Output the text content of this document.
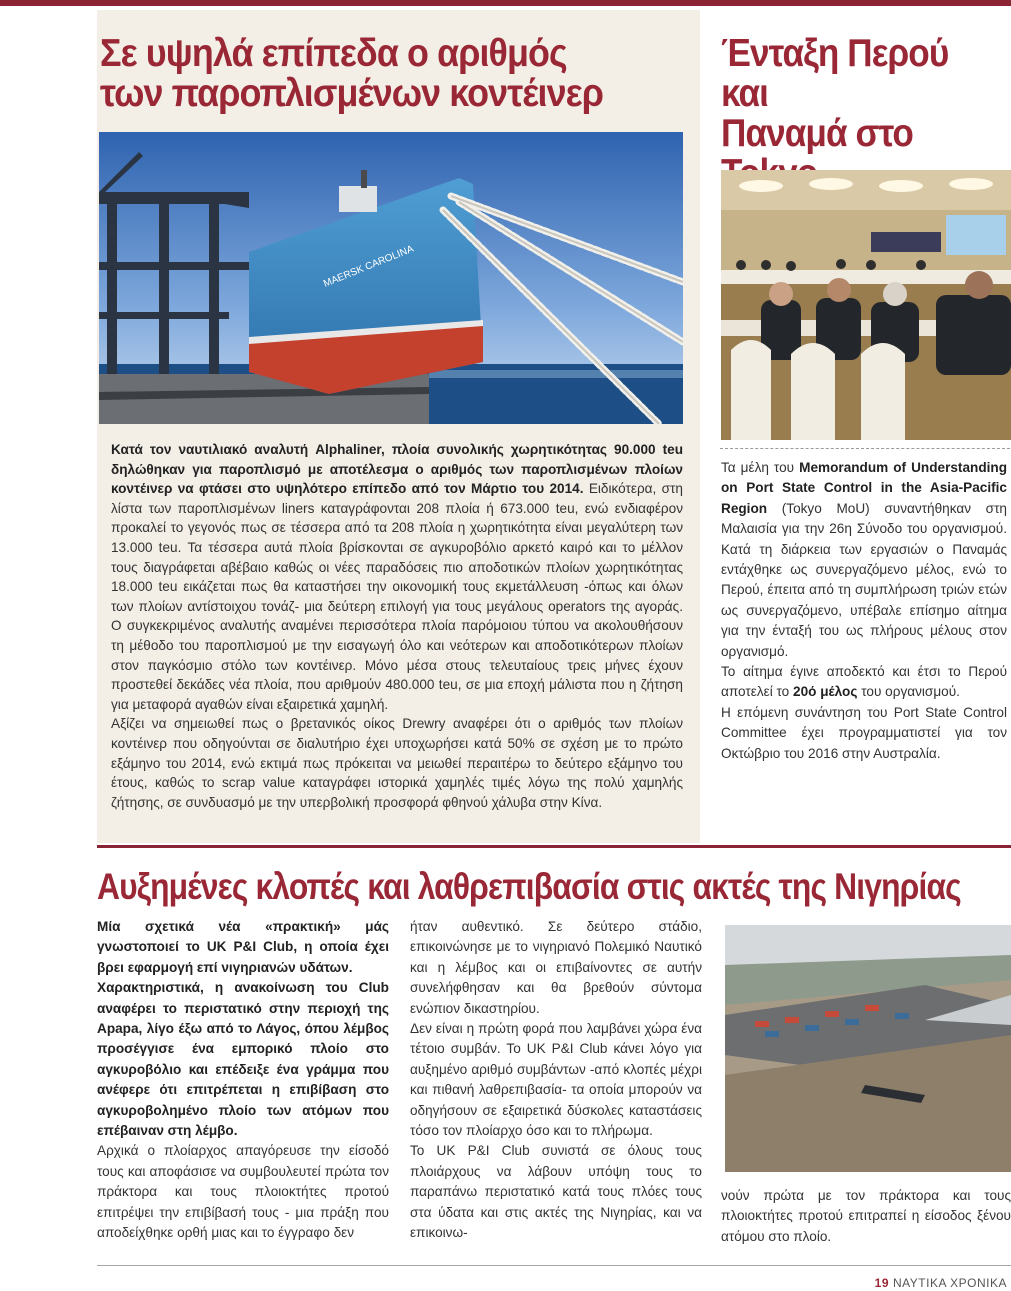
Σε υψηλά επίπεδα ο αριθμός
των παροπλισμένων κοντέινερ
MAERSK CAROLINA

Κατά τον ναυτιλιακό αναλυτή Alphaliner, πλοία συνολικής χωρητικότητας 90.000 teu δηλώθηκαν για παροπλισμό με αποτέλεσμα ο αριθμός των παροπλισμένων πλοίων κοντέινερ να φτάσει στο υψηλότερο επίπεδο από τον Μάρτιο του 2014. Ειδικότερα, στη λίστα των παροπλισμένων liners καταγράφονται 208 πλοία ή 673.000 teu, ενώ ενδιαφέρον προκαλεί το γεγονός πως σε τέσσερα από τα 208 πλοία η χωρητικότητα είναι μεγαλύτερη των 13.000 teu. Τα τέσσερα αυτά πλοία βρίσκονται σε αγκυροβόλιο αρκετό καιρό και το μέλλον τους διαγράφεται αβέβαιο καθώς οι νέες παραδόσεις πιο αποδοτικών πλοίων χωρητικότητας 18.000 teu εικάζεται πως θα καταστήσει την οικονομική τους εκμετάλλευση -όπως και όλων των πλοίων αντίστοιχου τονάζ- μια δεύτερη επιλογή για τους μεγάλους operators της αγοράς. Ο συγκεκριμένος αναλυτής αναμένει περισσότερα πλοία παρόμοιου τύπου να ακολουθήσουν τη μέθοδο του παροπλισμού με την εισαγωγή όλο και νεότερων και αποδοτικότερων πλοίων στον παγκόσμιο στόλο των κοντέινερ. Μόνο μέσα στους τελευταίους τρεις μήνες έχουν προστεθεί δεκάδες νέα πλοία, που αριθμούν 480.000 teu, σε μια εποχή μάλιστα που η ζήτηση για μεταφορά αγαθών είναι εξαιρετικά χαμηλή.

Αξίζει να σημειωθεί πως ο βρετανικός οίκος Drewry αναφέρει ότι ο αριθμός των πλοίων κοντέινερ που οδηγούνται σε διαλυτήριο έχει υποχωρήσει κατά 50% σε σχέση με το πρώτο εξάμηνο του 2014, ενώ εκτιμά πως πρόκειται να μειωθεί περαιτέρω το δεύτερο εξάμηνο του έτους, καθώς το scrap value καταγράφει ιστορικά χαμηλές τιμές λόγω της πολύ χαμηλής ζήτησης, σε συνδυασμό με την υπερβολική προσφορά φθηνού χάλυβα στην Κίνα.

Ένταξη Περού και
Παναμά στο

Τα μέλη του Memorandum of Understanding on Port State Control in the Asia-Pacific Region (Tokyo MoU) συναντήθηκαν στη Μαλαισία για την 26η Σύνοδο του οργανισμού. Κατά τη διάρκεια των εργασιών ο Παναμάς εντάχθηκε ως συνεργαζόμενο μέλος, ενώ το Περού, έπειτα από τη συμπλήρωση τριών ετών ως συνεργαζόμενο, υπέβαλε επίσημο αίτημα για την ένταξή του ως πλήρους μέλους στον οργανισμό.

Το αίτημα έγινε αποδεκτό και έτσι το Περού αποτελεί το 20ό μέλος του οργανισμού.

Η επόμενη συνάντηση του Port State Control Committee έχει προγραμματιστεί για τον Οκτώβριο του 2016 στην Αυστραλία.

Αυξημένες κλοπές και λαθρεπιβασία στις ακτές της Νιγηρίας

Μία σχετικά νέα «πρακτική» μάς γνωστοποιεί το UK P&I Club, η οποία έχει βρει εφαρμογή επί νιγηριανών υδάτων.

Χαρακτηριστικά, η ανακοίνωση του Club αναφέρει το περιστατικό στην περιοχή της Apapa, λίγο έξω από το Λάγος, όπου λέμβος προσέγγισε ένα εμπορικό πλοίο στο αγκυροβόλιο και επέδειξε ένα γράμμα που ανέφερε ότι επιτρέπεται η επιβίβαση στο αγκυροβολημένο πλοίο των ατόμων που επέβαιναν στη λέμβο.

Αρχικά ο πλοίαρχος απαγόρευσε την είσοδό τους και αποφάσισε να συμβουλευτεί πρώτα τον πράκτορα και τους πλοιοκτήτες προτού επιτρέψει την επιβίβασή τους - μια πράξη που αποδείχθηκε ορθή μιας και το έγγραφο δεν

ήταν αυθεντικό. Σε δεύτερο στάδιο, επικοινώνησε με το νιγηριανό Πολεμικό Ναυτικό και η λέμβος και οι επιβαίνοντες σε αυτήν συνελήφθησαν και θα βρεθούν σύντομα ενώπιον δικαστηρίου.

Δεν είναι η πρώτη φορά που λαμβάνει χώρα ένα τέτοιο συμβάν. Το UK P&I Club κάνει λόγο για αυξημένο αριθμό συμβάντων -από κλοπές μέχρι και πιθανή λαθρεπιβασία- τα οποία μπορούν να οδηγήσουν σε εξαιρετικά δύσκολες καταστάσεις τόσο τον πλοίαρχο όσο και το πλήρωμα.

Το UK P&I Club συνιστά σε όλους τους πλοιάρχους να λάβουν υπόψη τους το παραπάνω περιστατικό κατά τους πλόες τους στα ύδατα και στις ακτές της Νιγηρίας, και να επικοινω-

νούν πρώτα με τον πράκτορα και τους πλοιοκτήτες προτού επιτραπεί η είσοδος ξένου ατόμου στο πλοίο.
19 ΝΑΥΤΙΚΑ ΧΡΟΝΙΚΑ
